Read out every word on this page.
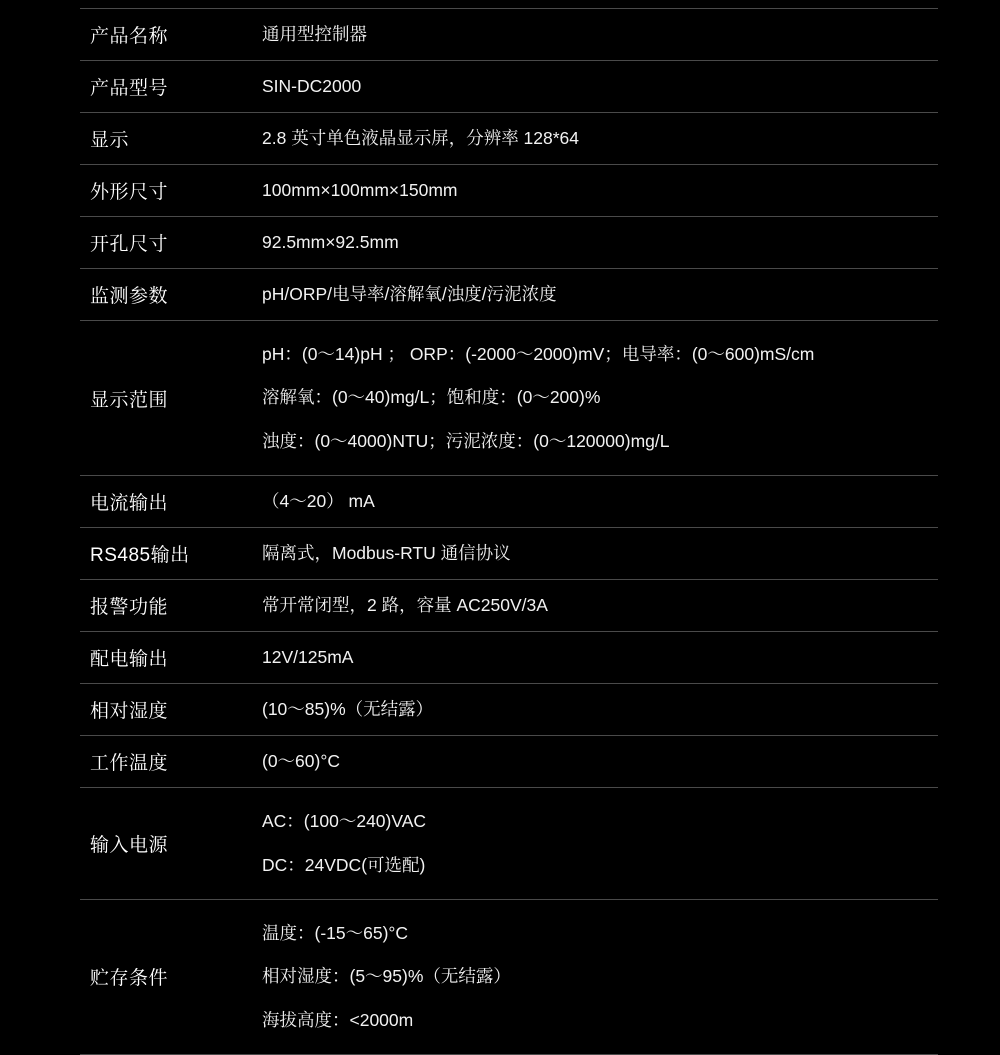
产品名称	通用型控制器

产品型号	SIN-DC2000

显示	2.8 英寸单色液晶显示屏，分辨率 128*64

外形尺寸	100mm×100mm×150mm

开孔尺寸	92.5mm×92.5mm

监测参数	pH/ORP/电导率/溶解氧/浊度/污泥浓度

显示范围	pH：(0～14)pH ； ORP：(-2000～2000)mV；电导率：(0～600)mS/cm
溶解氧：(0～40)mg/L；饱和度：(0～200)%
浊度：(0～4000)NTU；污泥浓度：(0～120000)mg/L

电流输出	（4～20） mA

RS485输出	隔离式，Modbus-RTU 通信协议

报警功能	常开常闭型，2 路，容量 AC250V/3A

配电输出	12V/125mA

相对湿度	(10～85)%（无结露）

工作温度	(0～60)°C

输入电源	AC：(100～240)VAC
DC：24VDC(可选配)

贮存条件	温度：(-15～65)°C
相对湿度：(5～95)%（无结露）
海拔高度：<2000m
